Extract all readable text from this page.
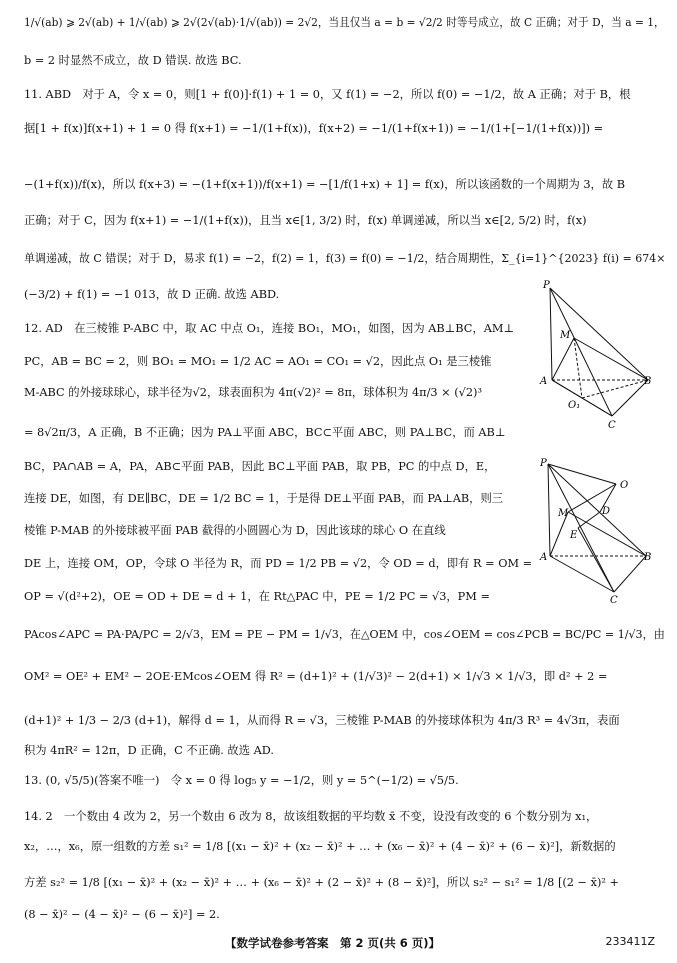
1/√(ab) ⩾ 2√(ab) + 1/√(ab) ⩾ 2√(2√(ab)·1/√(ab)) = 2√2，当且仅当 a = b = √2/2 时等号成立，故 C 正确；对于 D，当 a = 1，
b = 2 时显然不成立，故 D 错误. 故选 BC.
11. ABD　对于 A，令 x = 0，则[1 + f(0)]·f(1) + 1 = 0，又 f(1) = −2，所以 f(0) = −1/2，故 A 正确；对于 B，根
据[1 + f(x)]f(x+1) + 1 = 0 得 f(x+1) = −1/(1+f(x))，f(x+2) = −1/(1+f(x+1)) = −1/(1+[−1/(1+f(x))]) =
−(1+f(x))/f(x)，所以 f(x+3) = −(1+f(x+1))/f(x+1) = −[1/f(1+x) + 1] = f(x)，所以该函数的一个周期为 3，故 B
正确；对于 C，因为 f(x+1) = −1/(1+f(x))，且当 x∈[1, 3/2) 时，f(x) 单调递减，所以当 x∈[2, 5/2) 时，f(x)
单调递减，故 C 错误；对于 D，易求 f(1) = −2，f(2) = 1，f(3) = f(0) = −1/2，结合周期性，Σ_{i=1}^{2023} f(i) = 674×
(−3/2) + f(1) = −1 013，故 D 正确. 故选 ABD.
12. AD　在三棱锥 P-ABC 中，取 AC 中点 O₁，连接 BO₁，MO₁，如图，因为 AB⊥BC，AM⊥
PC，AB = BC = 2，则 BO₁ = MO₁ = 1/2 AC = AO₁ = CO₁ = √2，因此点 O₁ 是三棱锥
M-ABC 的外接球球心，球半径为√2，球表面积为 4π(√2)² = 8π，球体积为 4π/3 × (√2)³
= 8√2π/3，A 正确，B 不正确；因为 PA⊥平面 ABC，BC⊂平面 ABC，则 PA⊥BC，而 AB⊥
BC，PA∩AB = A，PA，AB⊂平面 PAB，因此 BC⊥平面 PAB，取 PB，PC 的中点 D，E，
连接 DE，如图，有 DE∥BC，DE = 1/2 BC = 1，于是得 DE⊥平面 PAB，而 PA⊥AB，则三
棱锥 P-MAB 的外接球被平面 PAB 截得的小圆圆心为 D，因此该球的球心 O 在直线
DE 上，连接 OM，OP，令球 O 半径为 R，而 PD = 1/2 PB = √2，令 OD = d，即有 R = OM =
OP = √(d²+2)，OE = OD + DE = d + 1，在 Rt△PAC 中，PE = 1/2 PC = √3，PM =
PAcos∠APC = PA·PA/PC = 2/√3，EM = PE − PM = 1/√3，在△OEM 中，cos∠OEM = cos∠PCB = BC/PC = 1/√3，由
OM² = OE² + EM² − 2OE·EMcos∠OEM 得 R² = (d+1)² + (1/√3)² − 2(d+1) × 1/√3 × 1/√3，即 d² + 2 =
(d+1)² + 1/3 − 2/3 (d+1)，解得 d = 1，从而得 R = √3，三棱锥 P-MAB 的外接球体积为 4π/3 R³ = 4√3π，表面
积为 4πR² = 12π，D 正确，C 不正确. 故选 AD.
13. (0, √5/5)(答案不唯一)　令 x = 0 得 log₅ y = −1/2，则 y = 5^(−1/2) = √5/5.
14. 2　一个数由 4 改为 2，另一个数由 6 改为 8，故该组数据的平均数 x̄ 不变，设没有改变的 6 个数分别为 x₁，
x₂，…，x₆，原一组数的方差 s₁² = 1/8 [(x₁ − x̄)² + (x₂ − x̄)² + … + (x₆ − x̄)² + (4 − x̄)² + (6 − x̄)²]，新数据的
方差 s₂² = 1/8 [(x₁ − x̄)² + (x₂ − x̄)² + … + (x₆ − x̄)² + (2 − x̄)² + (8 − x̄)²]，所以 s₂² − s₁² = 1/8 [(2 − x̄)² +
(8 − x̄)² − (4 − x̄)² − (6 − x̄)²] = 2.
P
M
A	B
O₁
C
P
O
M	D
E
A	B
C
【数学试卷参考答案　第 2 页(共 6 页)】	233411Z
